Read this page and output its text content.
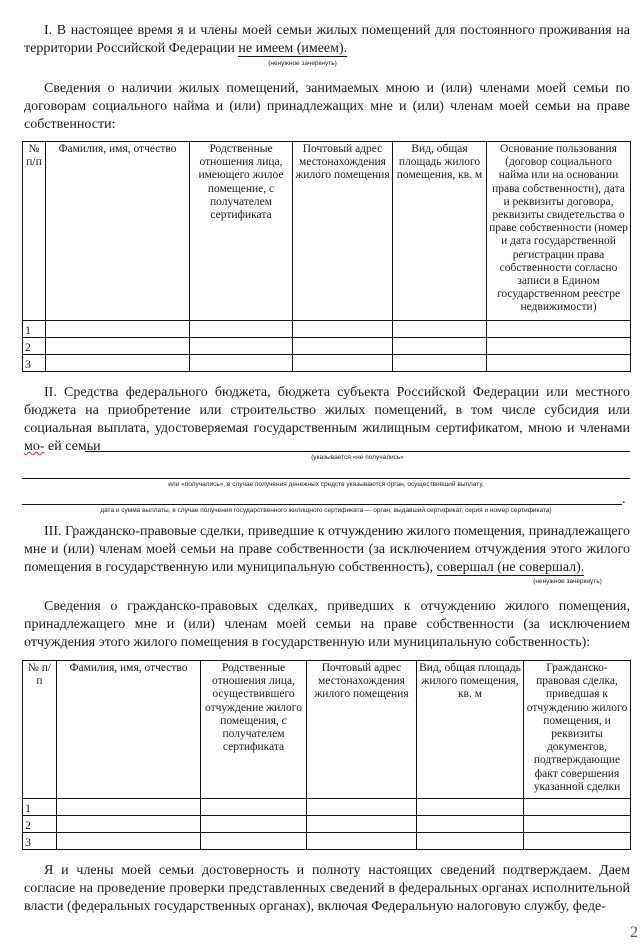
I. В настоящее время я и члены моей семьи жилых помещений для постоянного проживания на территории Российской Федерации не имеем (имеем).
(ненужное зачеркнуть)
Сведения о наличии жилых помещений, занимаемых мною и (или) членами моей семьи по договорам социального найма и (или) принадлежащих мне и (или) членам моей семьи на праве собственности:
№ п/п	Фамилия, имя, отчество	Родственные отношения лица, имеющего жилое помещение, с получателем сертификата	Почтовый адрес местонахождения жилого помещения	Вид, общая площадь жилого помещения, кв. м	Основание пользования (договор социального найма или на основании права собственности), дата и реквизиты договора, реквизиты свидетельства о праве собственности (номер и дата государственной регистрации права собственности согласно записи в Едином государственном реестре недвижимости)
1					
2					
3					
II. Средства федерального бюджета, бюджета субъекта Российской Федерации или местного бюджета на приобретение или строительство жилых помещений, в том числе субсидия или социальная выплата, удостоверяемая государственным жилищным сертификатом, мною и членами мо- ей семьи
(указывается «не получались»
или «получались», в случае получения денежных средств указываются орган, осуществивший выплату,
.
дата и сумма выплаты, в случае получения государственного жилищного сертификата — орган, выдавший сертификат, серия и номер сертификата)
III. Гражданско-правовые сделки, приведшие к отчуждению жилого помещения, принадлежащего мне и (или) членам моей семьи на праве собственности (за исключением отчуждения этого жилого помещения в государственную или муниципальную собственность), совершал (не совершал).
(ненужное зачеркнуть)
Сведения о гражданско-правовых сделках, приведших к отчуждению жилого помещения, принадлежащего мне и (или) членам моей семьи на праве собственности (за исключением отчуждения этого жилого помещения в государственную или муниципальную собственность):
№ п/п	Фамилия, имя, отчество	Родственные отношения лица, осуществившего отчуждение жилого помещения, с получателем сертификата	Почтовый адрес местонахождения жилого помещения	Вид, общая площадь жилого помещения, кв. м	Гражданско-правовая сделка, приведшая к отчуждению жилого помещения, и реквизиты документов, подтверждающие факт совершения указанной сделки
1					
2					
3					
Я и члены моей семьи достоверность и полноту настоящих сведений подтверждаем. Даем согласие на проведение проверки представленных сведений в федеральных органах исполнительной власти (федеральных государственных органах), включая Федеральную налоговую службу, феде-
2
